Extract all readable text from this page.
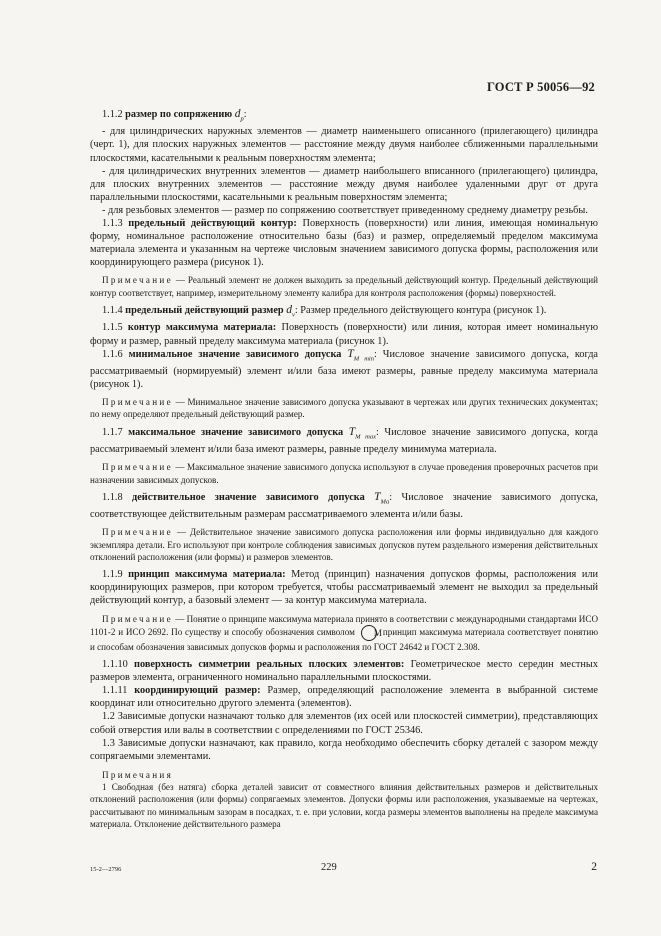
ГОСТ Р 50056—92

1.1.2 размер по сопряжению $d_p$:

- для цилиндрических наружных элементов — диаметр наименьшего описанного (прилегающего) цилиндра (черт. 1), для плоских наружных элементов — расстояние между двумя наиболее сближенными параллельными плоскостями, касательными к реальным поверхностям элемента;

- для цилиндрических внутренних элементов — диаметр наибольшего вписанного (прилегающего) цилиндра, для плоских внутренних элементов — расстояние между двумя наиболее удаленными друг от друга параллельными плоскостями, касательными к реальным поверхностям элемента;

- для резьбовых элементов — размер по сопряжению соответствует приведенному среднему диаметру резьбы.

1.1.3 предельный действующий контур: Поверхность (поверхности) или линия, имеющая номинальную форму, номинальное расположение относительно базы (баз) и размер, определяемый пределом максимума материала элемента и указанным на чертеже числовым значением зависимого допуска формы, расположения или координирующего размера (рисунок 1).

Примечание — Реальный элемент не должен выходить за предельный действующий контур. Предельный действующий контур соответствует, например, измерительному элементу калибра для контроля расположения (формы) поверхностей.

1.1.4 предельный действующий размер $d_v$: Размер предельного действующего контура (рисунок 1).

1.1.5 контур максимума материала: Поверхность (поверхности) или линия, которая имеет номинальную форму и размер, равный пределу максимума материала (рисунок 1).

1.1.6 минимальное значение зависимого допуска $T_{M min}$: Числовое значение зависимого допуска, когда рассматриваемый (нормируемый) элемент и/или база имеют размеры, равные пределу максимума материала (рисунок 1).

Примечание — Минимальное значение зависимого допуска указывают в чертежах или других технических документах; по нему определяют предельный действующий размер.

1.1.7 максимальное значение зависимого допуска $T_{M max}$: Числовое значение зависимого допуска, когда рассматриваемый элемент и/или база имеют размеры, равные пределу минимума материала.

Примечание — Максимальное значение зависимого допуска используют в случае проведения проверочных расчетов при назначении зависимых допусков.

1.1.8 действительное значение зависимого допуска $T_{Ma}$: Числовое значение зависимого допуска, соответствующее действительным размерам рассматриваемого элемента и/или базы.

Примечание — Действительное значение зависимого допуска расположения или формы индивидуально для каждого экземпляра детали. Его используют при контроле соблюдения зависимых допусков путем раздельного измерения действительных отклонений расположения (или формы) и размеров элементов.

1.1.9 принцип максимума материала: Метод (принцип) назначения допусков формы, расположения или координирующих размеров, при котором требуется, чтобы рассматриваемый элемент не выходил за предельный действующий контур, а базовый элемент — за контур максимума материала.

Примечание — Понятие о принципе максимума материала принято в соответствии с международными стандартами ИСО 1101-2 и ИСО 2692. По существу и способу обозначения символом Mпринцип максимума материала соответствует понятию и способам обозначения зависимых допусков формы и расположения по ГОСТ 24642 и ГОСТ 2.308.

1.1.10 поверхность симметрии реальных плоских элементов: Геометрическое место середин местных размеров элемента, ограниченного номинально параллельными плоскостями.

1.1.11 координирующий размер: Размер, определяющий расположение элемента в выбранной системе координат или относительно другого элемента (элементов).

1.2 Зависимые допуски назначают только для элементов (их осей или плоскостей симметрии), представляющих собой отверстия или валы в соответствии с определениями по ГОСТ 25346.

1.3 Зависимые допуски назначают, как правило, когда необходимо обеспечить сборку деталей с зазором между сопрягаемыми элементами.

Примечания

1 Свободная (без натяга) сборка деталей зависит от совместного влияния действительных размеров и действительных отклонений расположения (или формы) сопрягаемых элементов. Допуски формы или расположения, указываемые на чертежах, рассчитывают по минимальным зазорам в посадках, т. е. при условии, когда размеры элементов выполнены на пределе максимума материала. Отклонение действительного размера

15-2—2796	229	2
